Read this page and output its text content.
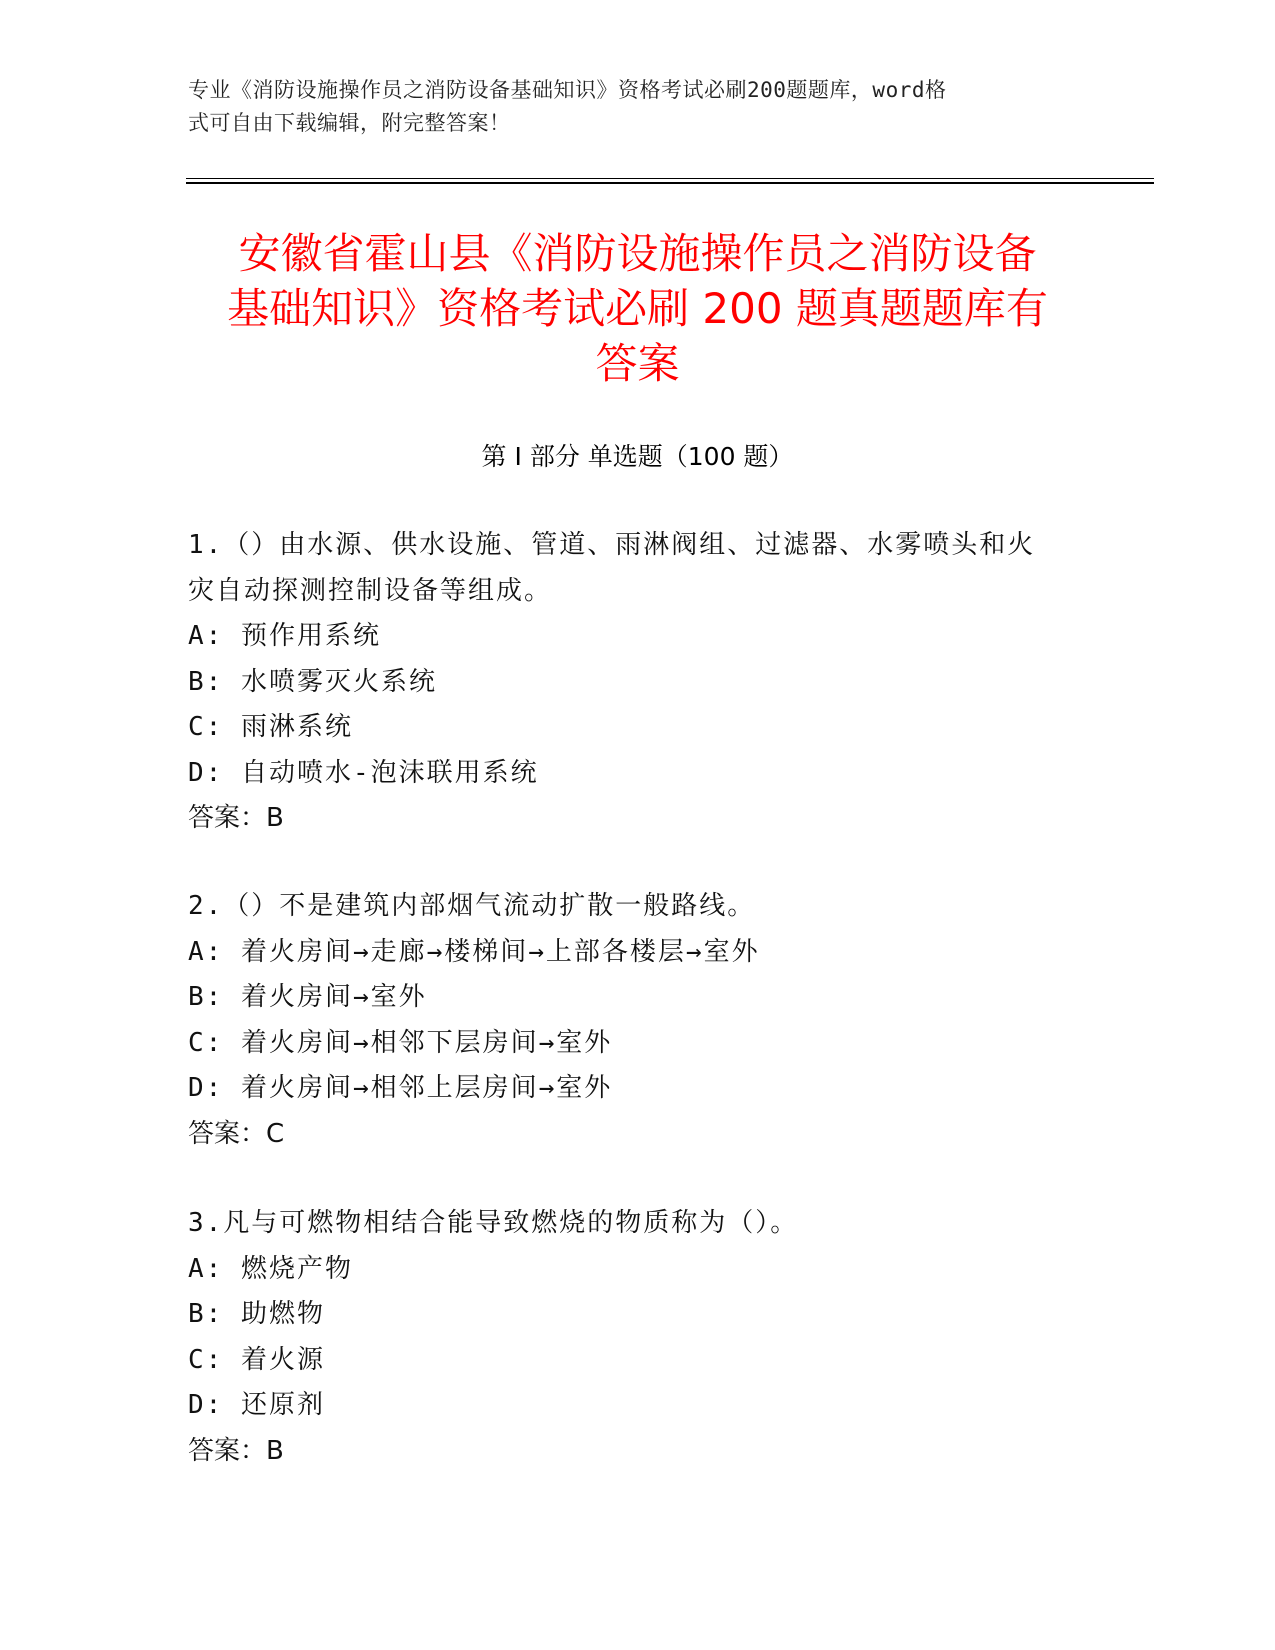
专业《消防设施操作员之消防设备基础知识》资格考试必刷200题题库，word格
式可自由下载编辑，附完整答案！
安徽省霍山县《消防设施操作员之消防设备
基础知识》资格考试必刷 200 题真题题库有
答案
第 I 部分 单选题（100 题）

1.（）由水源、供水设施、管道、雨淋阀组、过滤器、水雾喷头和火

灾自动探测控制设备等组成。

A: 预作用系统

B: 水喷雾灭火系统

C: 雨淋系统

D: 自动喷水-泡沫联用系统

答案：B

2.（）不是建筑内部烟气流动扩散一般路线。

A: 着火房间→走廊→楼梯间→上部各楼层→室外

B: 着火房间→室外

C: 着火房间→相邻下层房间→室外

D: 着火房间→相邻上层房间→室外

答案：C

3.凡与可燃物相结合能导致燃烧的物质称为（）。

A: 燃烧产物

B: 助燃物

C: 着火源

D: 还原剂

答案：B
